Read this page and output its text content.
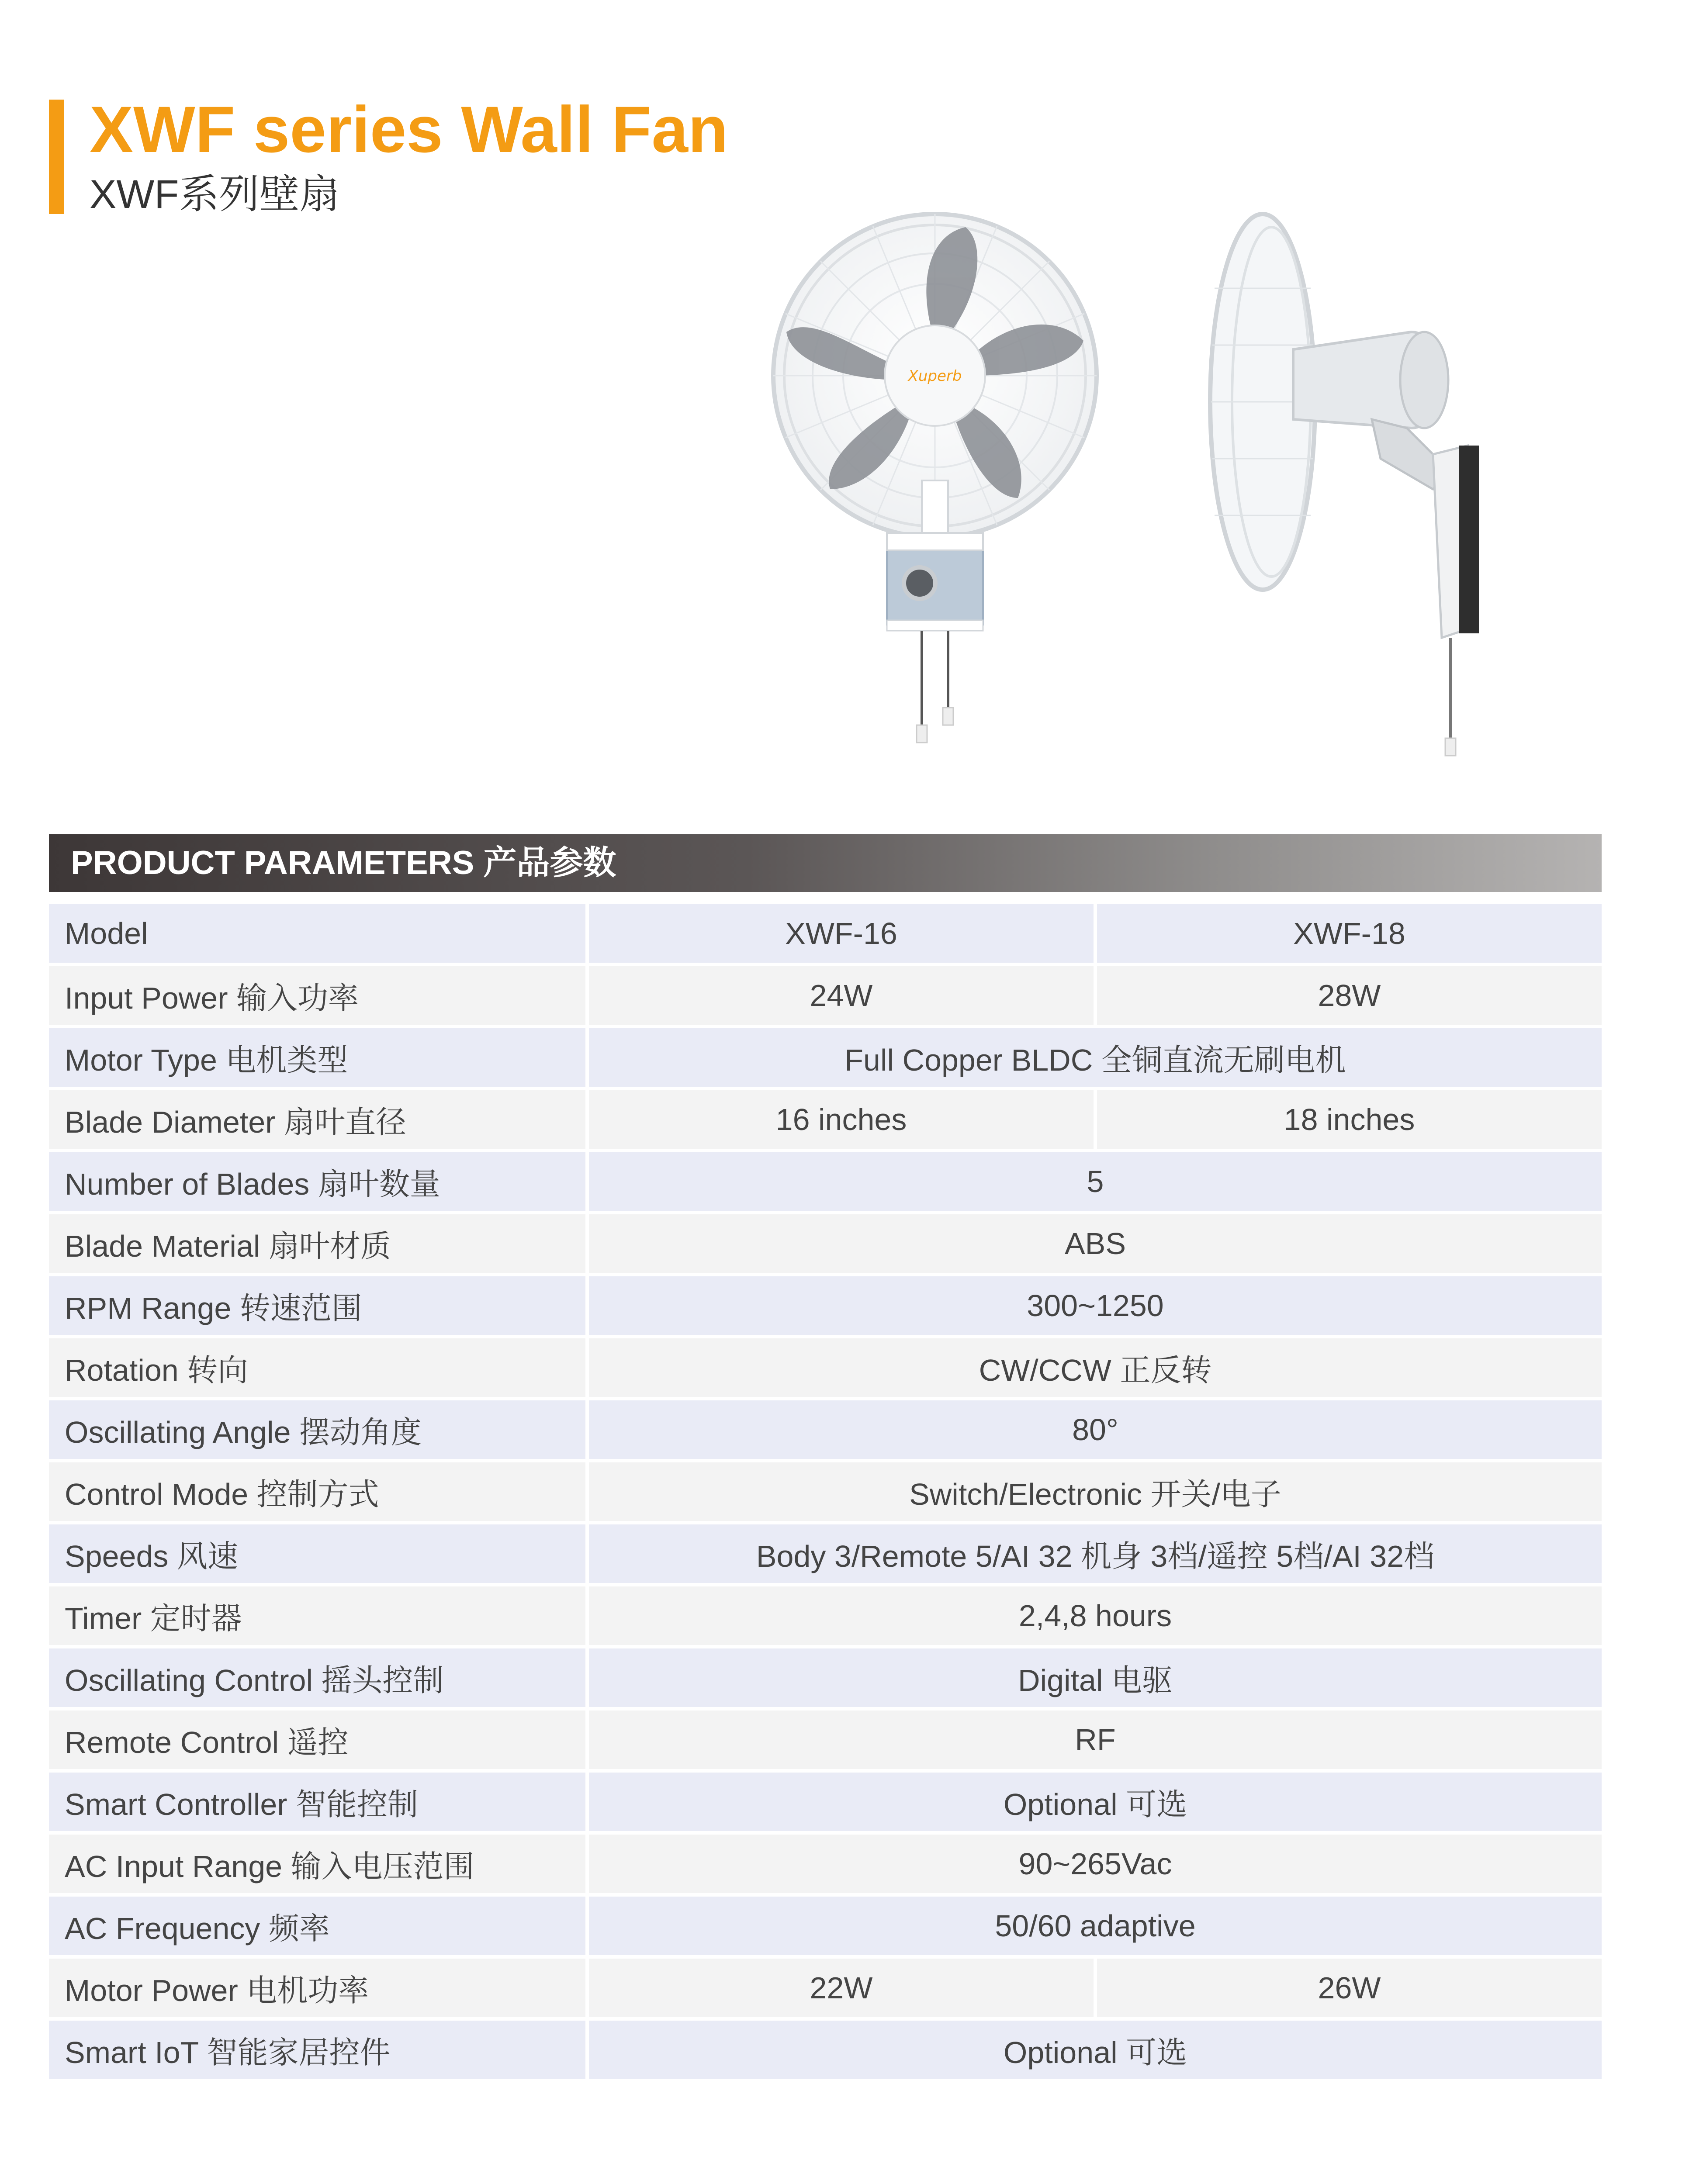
XWF series Wall Fan
XWF系列壁扇
Xuperb
PRODUCT PARAMETERS 产品参数
Model	XWF-16	XWF-18
Input Power 输入功率	24W	28W
Motor Type 电机类型	Full Copper BLDC 全铜直流无刷电机	
Blade Diameter 扇叶直径	16 inches	18 inches
Number of Blades 扇叶数量	5	
Blade Material 扇叶材质	ABS	
RPM Range 转速范围	300~1250	
Rotation 转向	CW/CCW 正反转	
Oscillating Angle 摆动角度	80°	
Control Mode 控制方式	Switch/Electronic 开关/电子	
Speeds 风速	Body 3/Remote 5/AI 32 机身 3档/遥控 5档/AI 32档	
Timer 定时器	2,4,8 hours	
Oscillating Control 摇头控制	Digital 电驱	
Remote Control 遥控	RF	
Smart Controller 智能控制	Optional 可选	
AC Input Range 输入电压范围	90~265Vac	
AC Frequency 频率	50/60 adaptive	
Motor Power 电机功率	22W	26W
Smart IoT 智能家居控件	Optional 可选	
